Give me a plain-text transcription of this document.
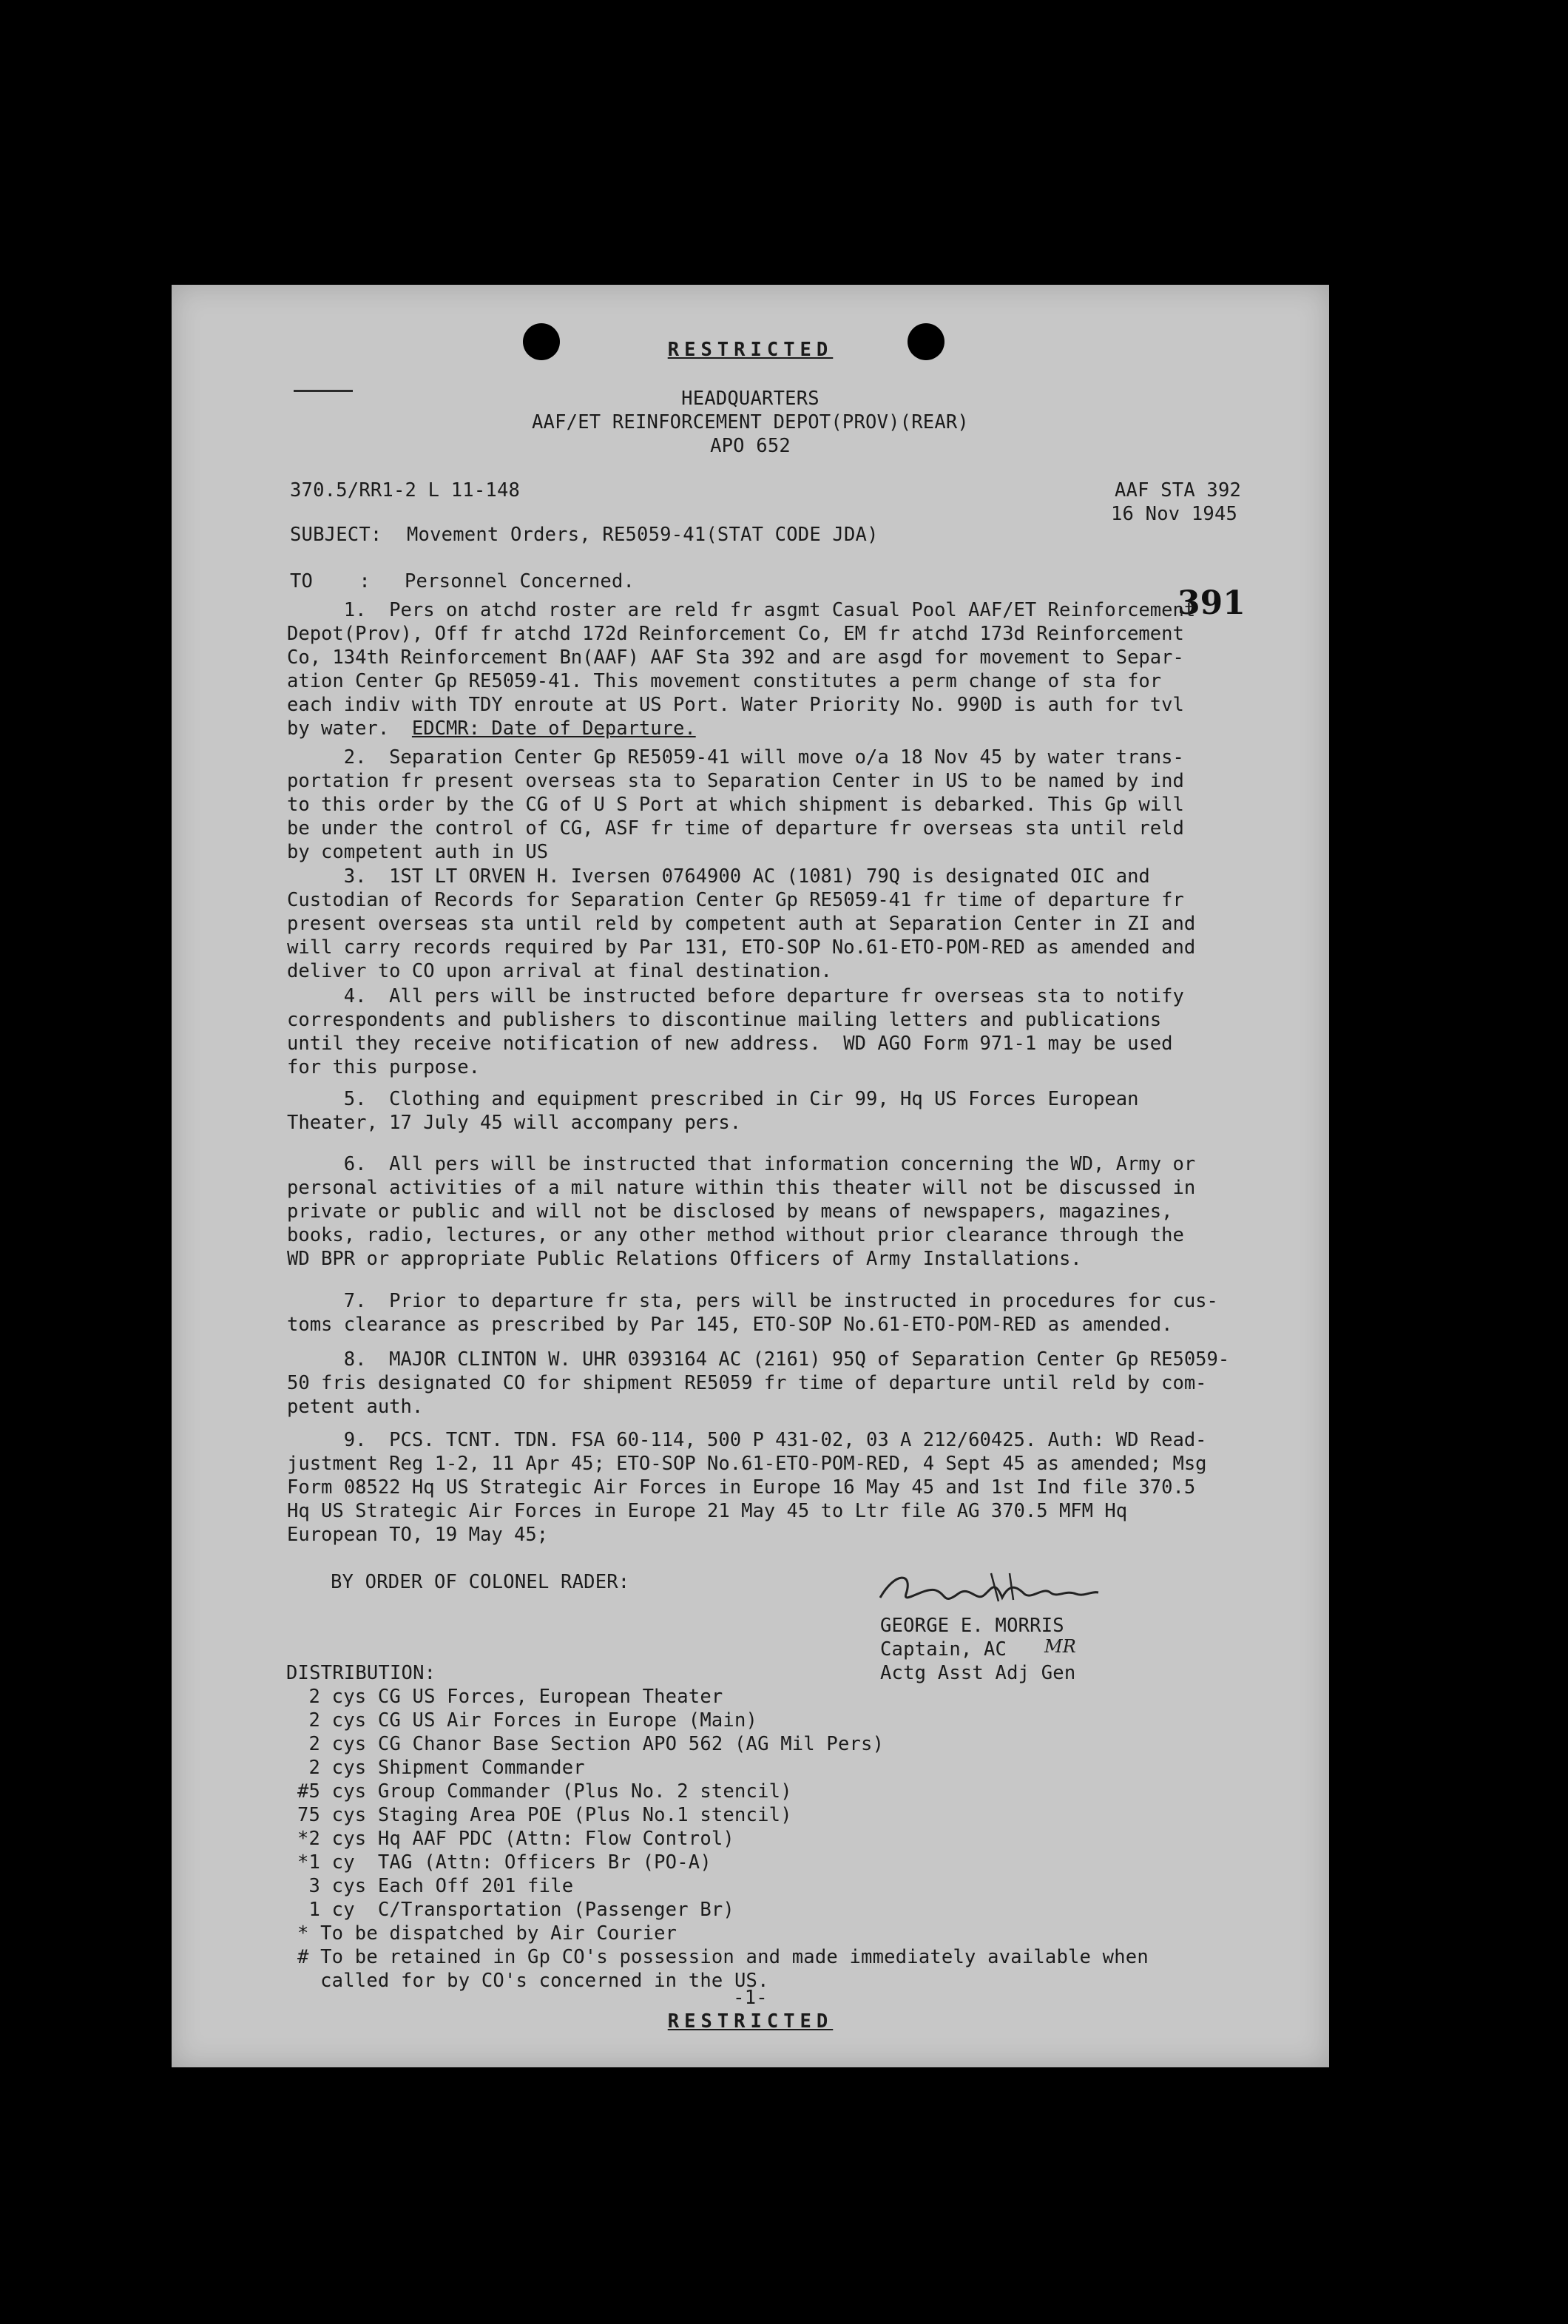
RESTRICTED
HEADQUARTERS
AAF/ET REINFORCEMENT DEPOT(PROV)(REAR)
APO 652
370.5/RR1-2 L 11-148	AAF STA 392
16 Nov 1945
SUBJECT: Movement Orders, RE5059-41(STAT CODE JDA)
TO    : Personnel Concerned.
391
1.  Pers on atchd roster are reld fr asgmt Casual Pool AAF/ET Reinforcement
Depot(Prov), Off fr atchd 172d Reinforcement Co, EM fr atchd 173d Reinforcement
Co, 134th Reinforcement Bn(AAF) AAF Sta 392 and are asgd for movement to Separ-
ation Center Gp RE5059-41. This movement constitutes a perm change of sta for
each indiv with TDY enroute at US Port. Water Priority No. 990D is auth for tvl
by water. EDCMR: Date of Departure.
2.  Separation Center Gp RE5059-41 will move o/a 18 Nov 45 by water trans-
portation fr present overseas sta to Separation Center in US to be named by ind
to this order by the CG of U S Port at which shipment is debarked. This Gp will
be under the control of CG, ASF fr time of departure fr overseas sta until reld
by competent auth in US
3.  1ST LT ORVEN H. Iversen 0764900 AC (1081) 79Q is designated OIC and
Custodian of Records for Separation Center Gp RE5059-41 fr time of departure fr
present overseas sta until reld by competent auth at Separation Center in ZI and
will carry records required by Par 131, ETO-SOP No.61-ETO-POM-RED as amended and
deliver to CO upon arrival at final destination.
4.  All pers will be instructed before departure fr overseas sta to notify
correspondents and publishers to discontinue mailing letters and publications
until they receive notification of new address.  WD AGO Form 971-1 may be used
for this purpose.
5.  Clothing and equipment prescribed in Cir 99, Hq US Forces European
Theater, 17 July 45 will accompany pers.
6.  All pers will be instructed that information concerning the WD, Army or
personal activities of a mil nature within this theater will not be discussed in
private or public and will not be disclosed by means of newspapers, magazines,
books, radio, lectures, or any other method without prior clearance through the
WD BPR or appropriate Public Relations Officers of Army Installations.
7.  Prior to departure fr sta, pers will be instructed in procedures for cus-
toms clearance as prescribed by Par 145, ETO-SOP No.61-ETO-POM-RED as amended.
8.  MAJOR CLINTON W. UHR 0393164 AC (2161) 95Q of Separation Center Gp RE5059-
50 fris designated CO for shipment RE5059 fr time of departure until reld by com-
petent auth.
9.  PCS. TCNT. TDN. FSA 60-114, 500 P 431-02, 03 A 212/60425. Auth: WD Read-
justment Reg 1-2, 11 Apr 45; ETO-SOP No.61-ETO-POM-RED, 4 Sept 45 as amended; Msg
Form 08522 Hq US Strategic Air Forces in Europe 16 May 45 and 1st Ind file 370.5
Hq US Strategic Air Forces in Europe 21 May 45 to Ltr file AG 370.5 MFM Hq
European TO, 19 May 45;
BY ORDER OF COLONEL RADER:
GEORGE E. MORRIS
Captain, AC MR
Actg Asst Adj Gen
DISTRIBUTION:
2 cys CG US Forces, European Theater
2 cys CG US Air Forces in Europe (Main)
2 cys CG Chanor Base Section APO 562 (AG Mil Pers)
2 cys Shipment Commander
#5 cys Group Commander (Plus No. 2 stencil)
75 cys Staging Area POE (Plus No.1 stencil)
*2 cys Hq AAF PDC (Attn: Flow Control)
*1 cy  TAG (Attn: Officers Br (PO-A)
3 cys Each Off 201 file
1 cy  C/Transportation (Passenger Br)
* To be dispatched by Air Courier
# To be retained in Gp CO's possession and made immediately available when
called for by CO's concerned in the US.
-1-
RESTRICTED
